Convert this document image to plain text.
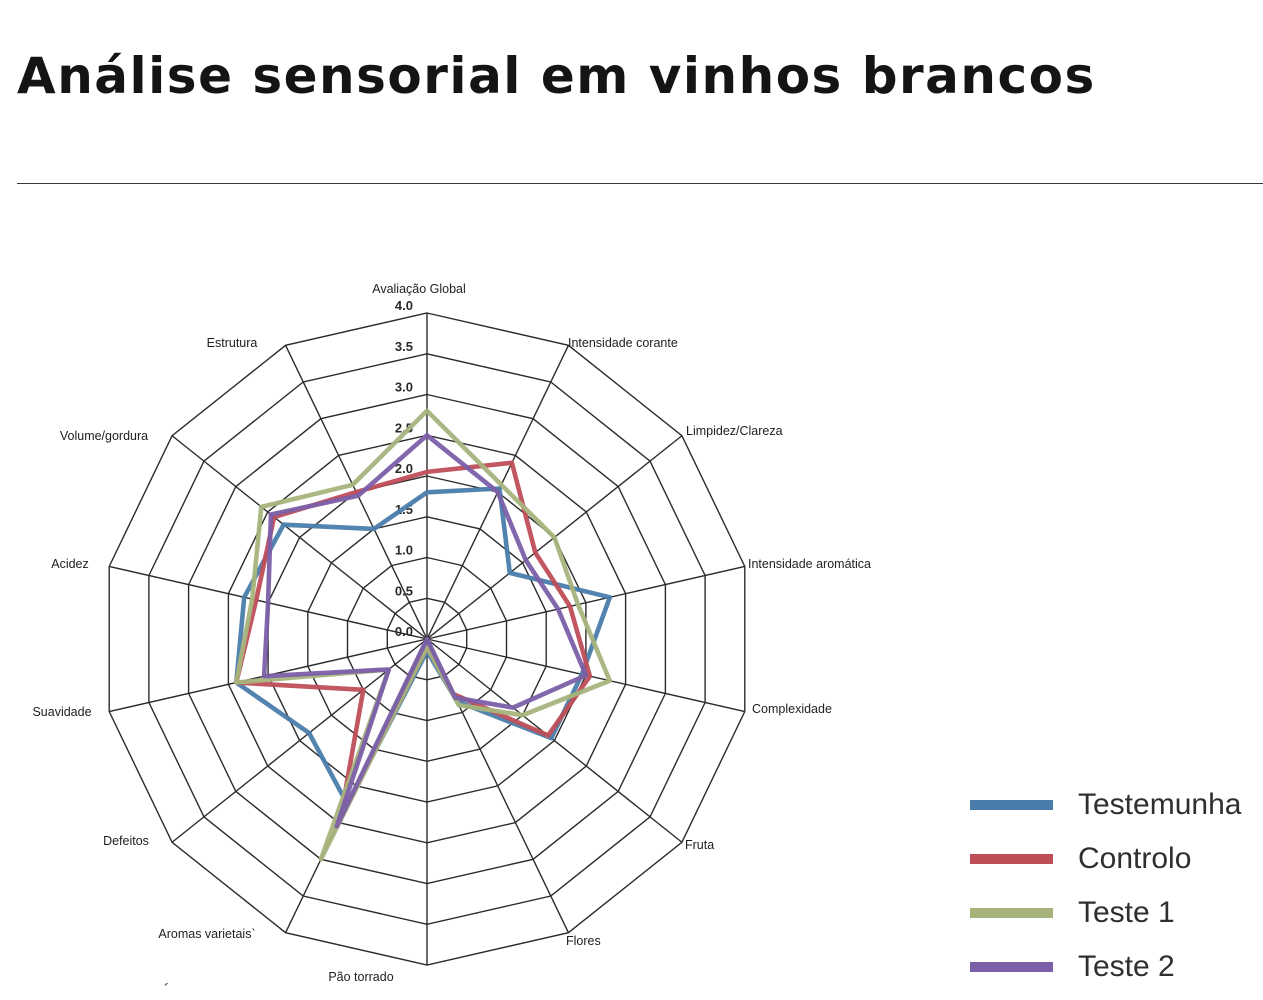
Análise sensorial em vinhos brancos
0.0
0.5
1.0
1.5
2.0
2.5
3.0
3.5
4.0
Avaliação Global
Intensidade corante
Limpidez/Clareza
Intensidade aromática
Complexidade
Fruta
Flores
Pão torrado
Aromas varietais`
Defeitos
Suavidade
Acidez
Volume/gordura
Estrutura
Testemunha
Controlo
Teste 1
Teste 2
´
